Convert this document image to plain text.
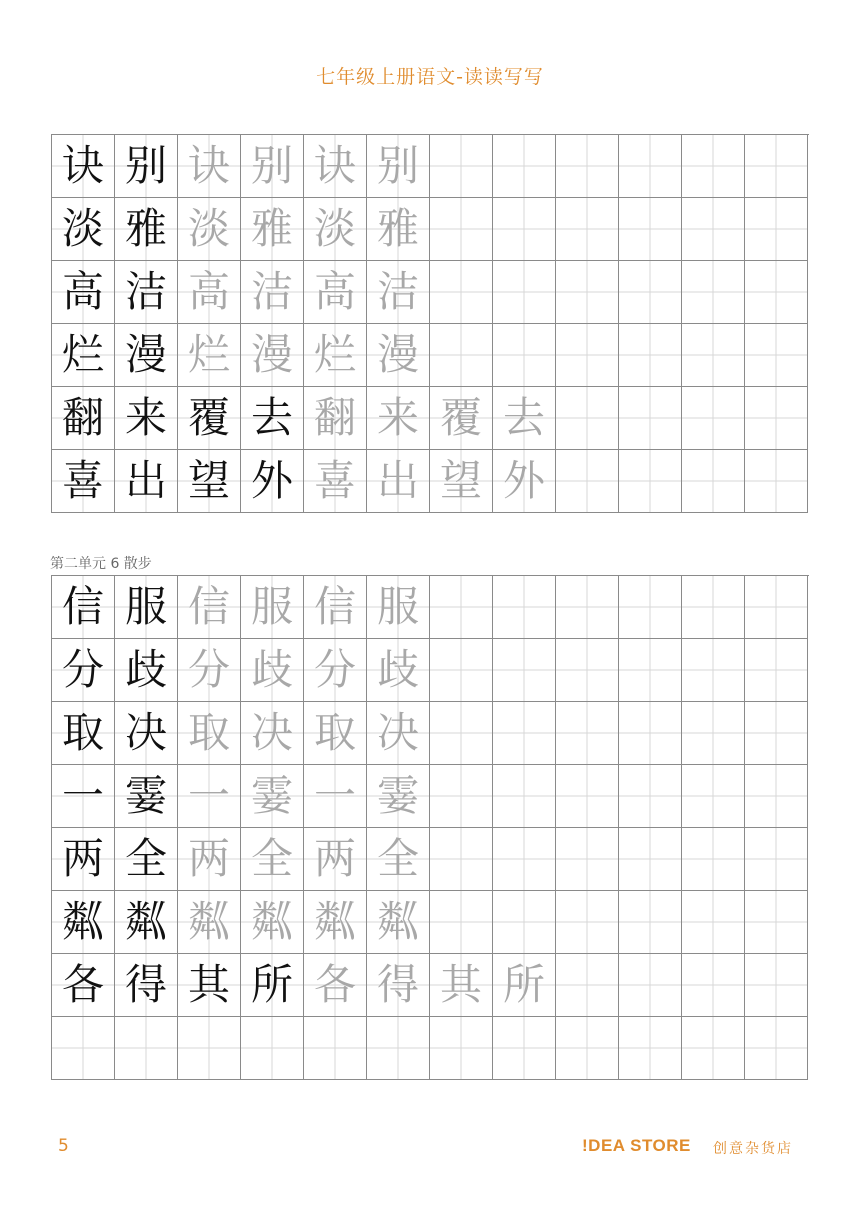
七年级上册语文-读读写写
诀 别 诀 别 诀 别
淡 雅 淡 雅 淡 雅
高 洁 高 洁 高 洁
烂 漫 烂 漫 烂 漫
翻 来 覆 去 翻 来 覆 去
喜 出 望 外 喜 出 望 外
第二单元 6 散步
信 服 信 服 信 服
分 歧 分 歧 分 歧
取 决 取 决 取 决
一 霎 一 霎 一 霎
两 全 两 全 两 全
粼 粼 粼 粼 粼 粼
各 得 其 所 各 得 其 所
5	!DEA STORE 创意杂货店
